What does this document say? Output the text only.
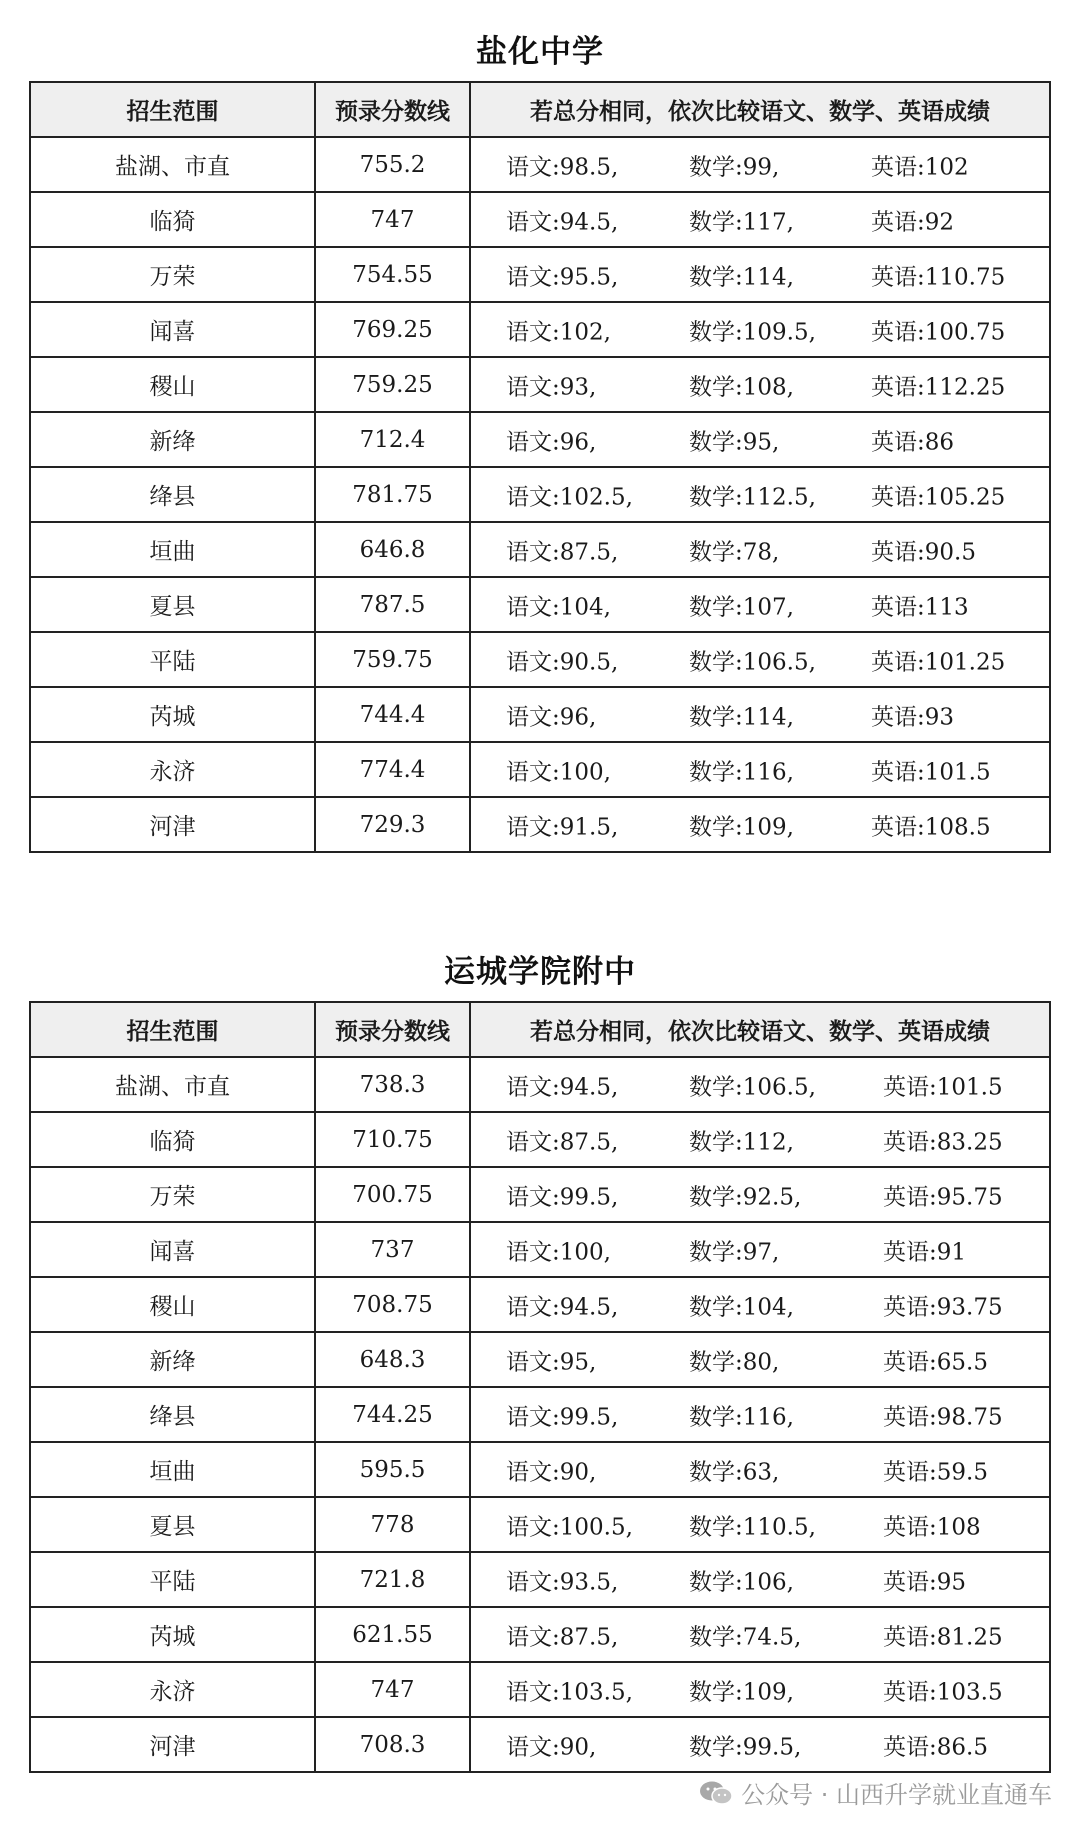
盐化中学
招生范围	预录分数线	若总分相同，依次比较语文、数学、英语成绩
盐湖、市直	755.2	语文:98.5, 数学:99, 英语:102

临猗	747	语文:94.5, 数学:117, 英语:92

万荣	754.55	语文:95.5, 数学:114, 英语:110.75

闻喜	769.25	语文:102, 数学:109.5, 英语:100.75

稷山	759.25	语文:93, 数学:108, 英语:112.25

新绛	712.4	语文:96, 数学:95, 英语:86

绛县	781.75	语文:102.5, 数学:112.5, 英语:105.25

垣曲	646.8	语文:87.5, 数学:78, 英语:90.5

夏县	787.5	语文:104, 数学:107, 英语:113

平陆	759.75	语文:90.5, 数学:106.5, 英语:101.25

芮城	744.4	语文:96, 数学:114, 英语:93

永济	774.4	语文:100, 数学:116, 英语:101.5

河津	729.3	语文:91.5, 数学:109, 英语:108.5
运城学院附中
招生范围	预录分数线	若总分相同，依次比较语文、数学、英语成绩
盐湖、市直	738.3	语文:94.5, 数学:106.5, 英语:101.5

临猗	710.75	语文:87.5, 数学:112, 英语:83.25

万荣	700.75	语文:99.5, 数学:92.5, 英语:95.75

闻喜	737	语文:100, 数学:97, 英语:91

稷山	708.75	语文:94.5, 数学:104, 英语:93.75

新绛	648.3	语文:95, 数学:80, 英语:65.5

绛县	744.25	语文:99.5, 数学:116, 英语:98.75

垣曲	595.5	语文:90, 数学:63, 英语:59.5

夏县	778	语文:100.5, 数学:110.5, 英语:108

平陆	721.8	语文:93.5, 数学:106, 英语:95

芮城	621.55	语文:87.5, 数学:74.5, 英语:81.25

永济	747	语文:103.5, 数学:109, 英语:103.5

河津	708.3	语文:90, 数学:99.5, 英语:86.5
公众号 · 山西升学就业直通车
